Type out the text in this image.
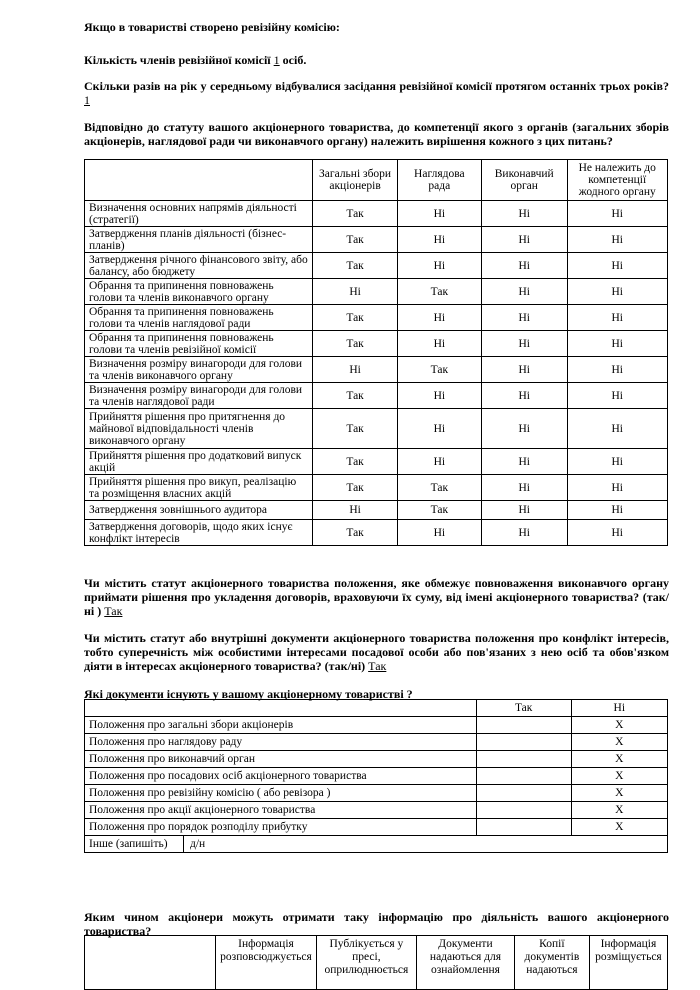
Якщо в товаристві створено ревізійну комісію:
Кількість членів ревізійної комісії 1 осіб.
Скільки разів на рік у середньому відбувалися засідання ревізійної комісії протягом останніх трьох років? 1
Відповідно до статуту вашого акціонерного товариства, до компетенції якого з органів (загальних зборів акціонерів, наглядової ради чи виконавчого органу) належить вирішення кожного з цих питань?
	Загальні збори акціонерів	Наглядова рада	Виконавчий орган	Не належить до компетенції жодного органу
Визначення основних напрямів діяльності (стратегії)	Так	Ні	Ні	Ні
Затвердження планів діяльності (бізнес-планів)	Так	Ні	Ні	Ні
Затвердження річного фінансового звіту, або балансу, або бюджету	Так	Ні	Ні	Ні
Обрання та припинення повноважень голови та членів виконавчого органу	Ні	Так	Ні	Ні
Обрання та припинення повноважень голови та членів наглядової ради	Так	Ні	Ні	Ні
Обрання та припинення повноважень голови та членів ревізійної комісії	Так	Ні	Ні	Ні
Визначення розміру винагороди для голови та членів виконавчого органу	Ні	Так	Ні	Ні
Визначення розміру винагороди для голови та членів наглядової ради	Так	Ні	Ні	Ні
Прийняття рішення про притягнення до майнової відповідальності членів виконавчого органу	Так	Ні	Ні	Ні
Прийняття рішення про додатковий випуск акцій	Так	Ні	Ні	Ні
Прийняття рішення про викуп, реалізацію та розміщення власних акцій	Так	Так	Ні	Ні
Затвердження зовнішнього аудитора	Ні	Так	Ні	Ні
Затвердження договорів, щодо яких існує конфлікт інтересів	Так	Ні	Ні	Ні
Чи містить статут акціонерного товариства положення, яке обмежує повноваження виконавчого органу приймати рішення про укладення договорів, враховуючи їх суму, від імені акціонерного товариства? (так/ні ) Так
Чи містить статут або внутрішні документи акціонерного товариства положення про конфлікт інтересів, тобто суперечність між особистими інтересами посадової особи або пов'язаних з нею осіб та обов'язком діяти в інтересах акціонерного товариства? (так/ні) Так
Які документи існують у вашому акціонерному товаристві ?
	Так	Ні
Положення про загальні збори акціонерів		X
Положення про наглядову раду		X
Положення про виконавчий орган		X
Положення про посадових осіб акціонерного товариства		X
Положення про ревізійну комісію ( або ревізора )		X
Положення про акції акціонерного товариства		X
Положення про порядок розподілу прибутку		X
Інше (запишіть) д/н		
Яким чином акціонери можуть отримати таку інформацію про діяльність вашого акціонерного товариства?
	Інформація розповсюджується	Публікується у пресі, оприлюднюється	Документи надаються для ознайомлення	Копії документів надаються	Інформація розміщується
